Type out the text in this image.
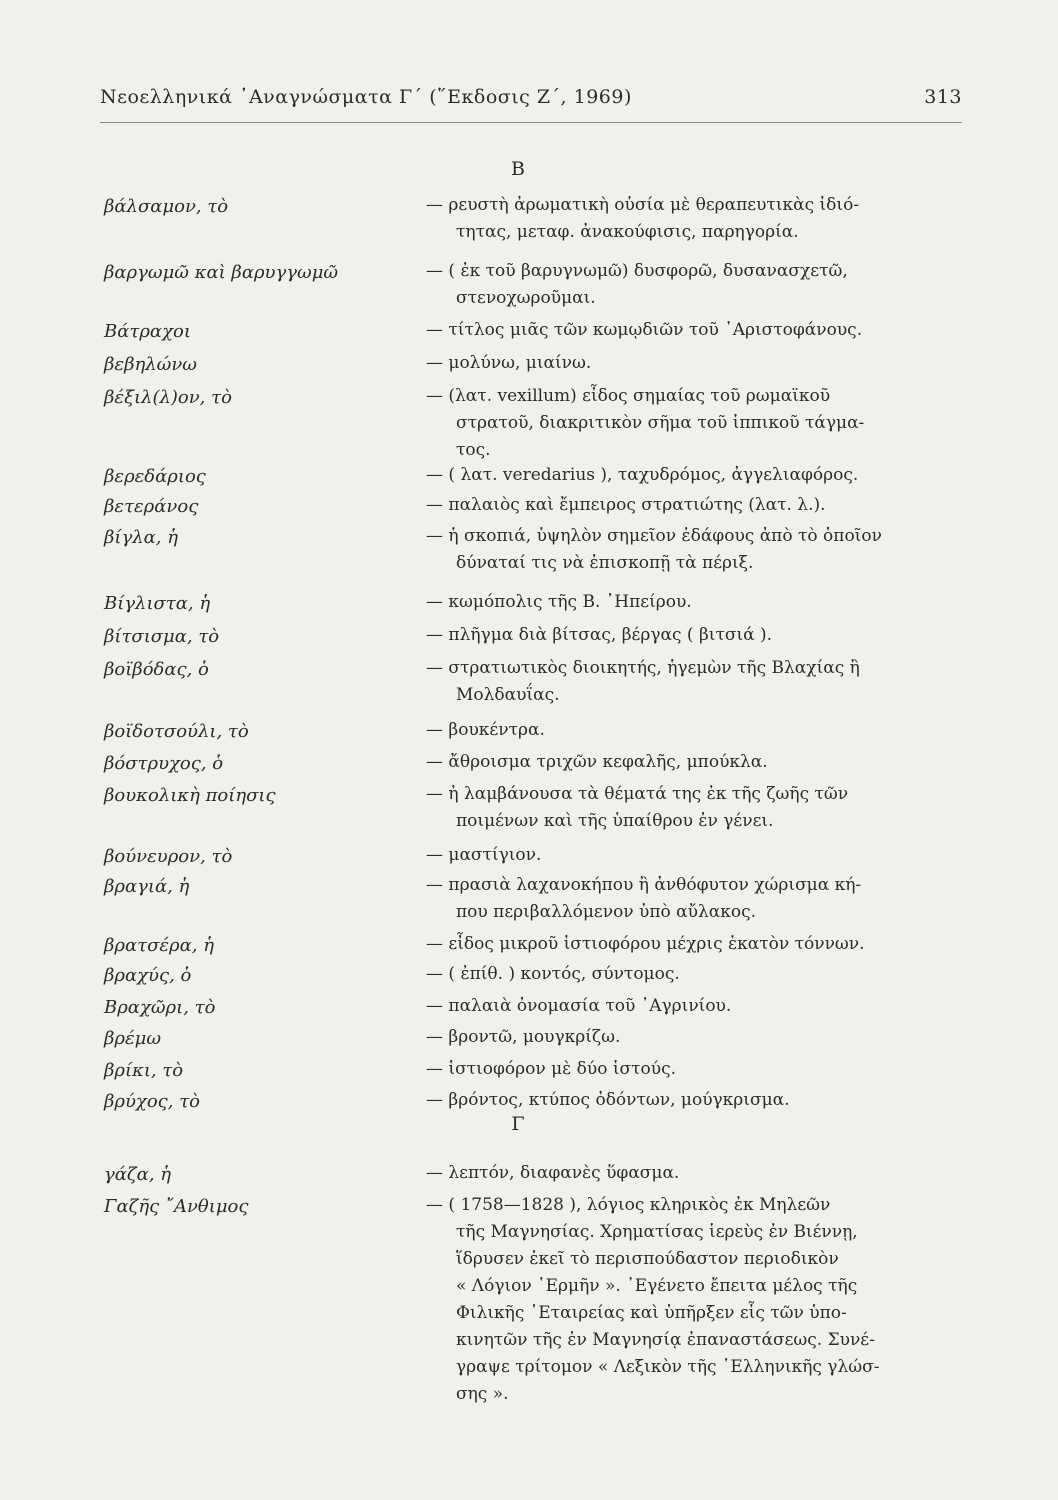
Νεοελληνικά ᾽Αναγνώσματα Γ΄ (῞Εκδοσις Ζ΄, 1969)	313
Β
βάλσαμον, τὸ	— ρευστὴ ἀρωματικὴ οὐσία μὲ θεραπευτικὰς ἰδιό-
τητας, μεταφ. ἀνακούφισις, παρηγορία.
βαργωμῶ καὶ βαρυγγωμῶ	— ( ἐκ τοῦ βαρυγνωμῶ) δυσφορῶ, δυσανασχετῶ,
στενοχωροῦμαι.
Βάτραχοι	— τίτλος μιᾶς τῶν κωμῳδιῶν τοῦ ᾽Αριστοφάνους.
βεβηλώνω	— μολύνω, μιαίνω.
βέξιλ(λ)ον, τὸ	— (λατ. vexillum) εἶδος σημαίας τοῦ ρωμαϊκοῦ
στρατοῦ, διακριτικὸν σῆμα τοῦ ἱππικοῦ τάγμα-
τος.
βερεδάριος	— ( λατ. veredarius ), ταχυδρόμος, ἀγγελιαφόρος.
βετεράνος	— παλαιὸς καὶ ἔμπειρος στρατιώτης (λατ. λ.).
βίγλα, ἡ	— ἡ σκοπιά, ὑψηλὸν σημεῖον ἐδάφους ἀπὸ τὸ ὁποῖον
δύναταί τις νὰ ἐπισκοπῇ τὰ πέριξ.
Βίγλιστα, ἡ	— κωμόπολις τῆς Β. ᾽Ηπείρου.
βίτσισμα, τὸ	— πλῆγμα διὰ βίτσας, βέργας ( βιτσιά ).
βοϊβόδας, ὁ	— στρατιωτικὸς διοικητής, ἡγεμὼν τῆς Βλαχίας ἢ
Μολδαυΐας.
βοϊδοτσούλι, τὸ	— βουκέντρα.
βόστρυχος, ὁ	— ἄθροισμα τριχῶν κεφαλῆς, μπούκλα.
βουκολικὴ ποίησις	— ἡ λαμβάνουσα τὰ θέματά της ἐκ τῆς ζωῆς τῶν
ποιμένων καὶ τῆς ὑπαίθρου ἐν γένει.
βούνευρον, τὸ	— μαστίγιον.
βραγιά, ἡ	— πρασιὰ λαχανοκήπου ἢ ἀνθόφυτον χώρισμα κή-
που περιβαλλόμενον ὑπὸ αὔλακος.
βρατσέρα, ἡ	— εἶδος μικροῦ ἱστιοφόρου μέχρις ἑκατὸν τόννων.
βραχύς, ὁ	— ( ἐπίθ. ) κοντός, σύντομος.
Βραχῶρι, τὸ	— παλαιὰ ὀνομασία τοῦ ᾽Αγρινίου.
βρέμω	— βροντῶ, μουγκρίζω.
βρίκι, τὸ	— ἱστιοφόρον μὲ δύο ἱστούς.
βρύχος, τὸ	— βρόντος, κτύπος ὀδόντων, μούγκρισμα.
Γ
γάζα, ἡ	— λεπτόν, διαφανὲς ὕφασμα.
Γαζῆς ῎Ανθιμος	— ( 1758—1828 ), λόγιος κληρικὸς ἐκ Μηλεῶν
τῆς Μαγνησίας. Χρηματίσας ἱερεὺς ἐν Βιέννῃ,
ἵδρυσεν ἐκεῖ τὸ περισπούδαστον περιοδικὸν
« Λόγιον ῾Ερμῆν ». ᾽Εγένετο ἔπειτα μέλος τῆς
Φιλικῆς ῾Εταιρείας καὶ ὑπῆρξεν εἷς τῶν ὑπο-
κινητῶν τῆς ἐν Μαγνησίᾳ ἐπαναστάσεως. Συνέ-
γραψε τρίτομον « Λεξικὸν τῆς ῾Ελληνικῆς γλώσ-
σης ».
